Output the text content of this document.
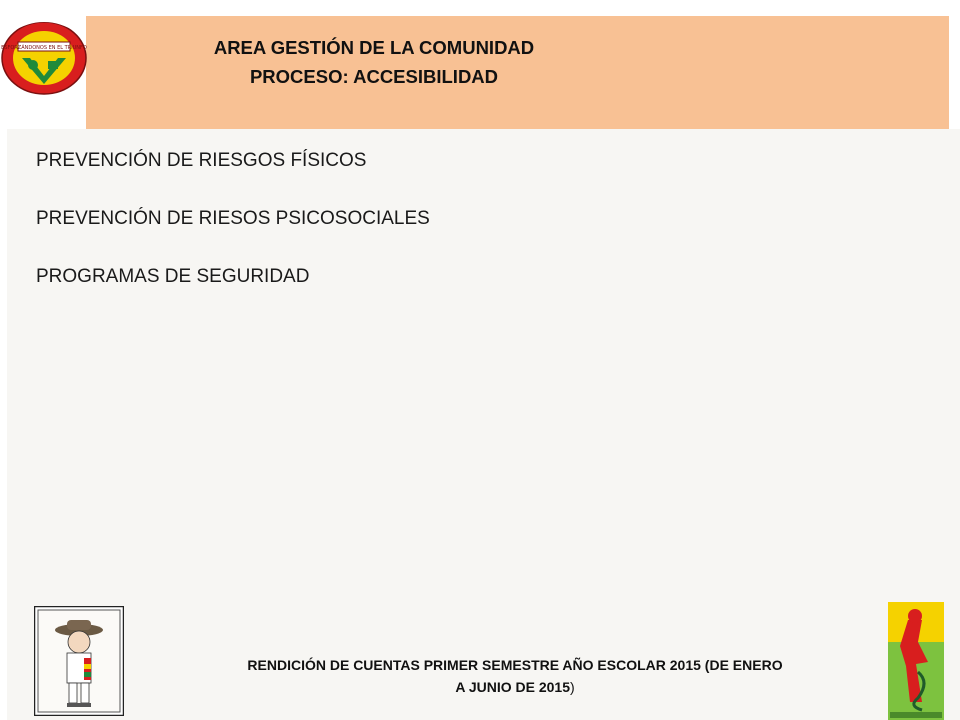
AREA GESTIÓN DE LA COMUNIDAD
PROCESO: ACCESIBILIDAD
ESFORZÁNDONOS EN EL TRIUNFO
PREVENCIÓN DE RIESGOS FÍSICOS
PREVENCIÓN DE RIESOS PSICOSOCIALES
PROGRAMAS DE SEGURIDAD
RENDICIÓN DE CUENTAS PRIMER SEMESTRE AÑO ESCOLAR 2015 (DE ENERO
A JUNIO DE 2015)
